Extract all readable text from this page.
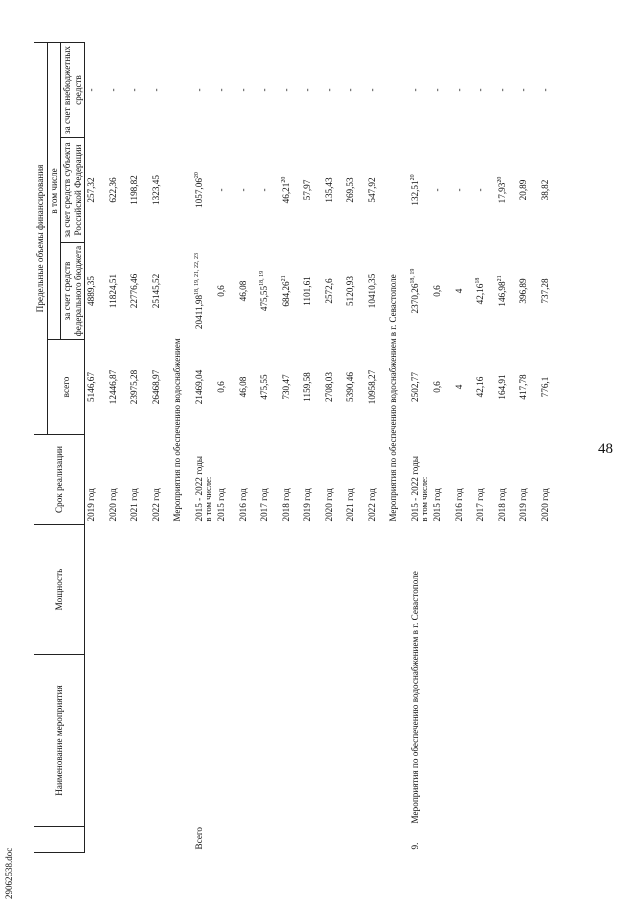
48
29062538.doc
	Наименование мероприятия	Мощность	Срок реализации	Предельные объемы финансирования			
				всего	в том числе		
					за счет средств федерального бюджета	за счет средств субъекта Российской Федерации	за счет внебюджетных средств
			2019 год	5146,67	4889,35	257,32	-
			2020 год	12446,87	11824,51	622,36	-
			2021 год	23975,28	22776,46	1198,82	-
			2022 год	26468,97	25145,52	1323,45	-
			Мероприятия по обеспечению водоснабжением				
Всего			2015 - 2022 годы в том числе:	21469,04	20411,98$^{18, 19, 21, 22, 23}$	1057,06$^{20}$	-
			2015 год	0,6	0,6	-	-
			2016 год	46,08	46,08	-	-
			2017 год	475,55	475,55$^{18, 19}$	-	-
			2018 год	730,47	684,26$^{21}$	46,21$^{20}$	-
			2019 год	1159,58	1101,61	57,97	-
			2020 год	2708,03	2572,6	135,43	-
			2021 год	5390,46	5120,93	269,53	-
			2022 год	10958,27	10410,35	547,92	-
			Мероприятия по обеспечению водоснабжением в г. Севастополе				
9.	Мероприятия по обеспечению водоснабжением в г. Севастополе		2015 - 2022 годы в том числе:	2502,77	2370,26$^{18, 19}$	132,51$^{20}$	-
			2015 год	0,6	0,6	-	-
			2016 год	4	4	-	-
			2017 год	42,16	42,16$^{18}$	-	-
			2018 год	164,91	146,98$^{21}$	17,93$^{20}$	-
			2019 год	417,78	396,89	20,89	-
			2020 год	776,1	737,28	38,82	-
